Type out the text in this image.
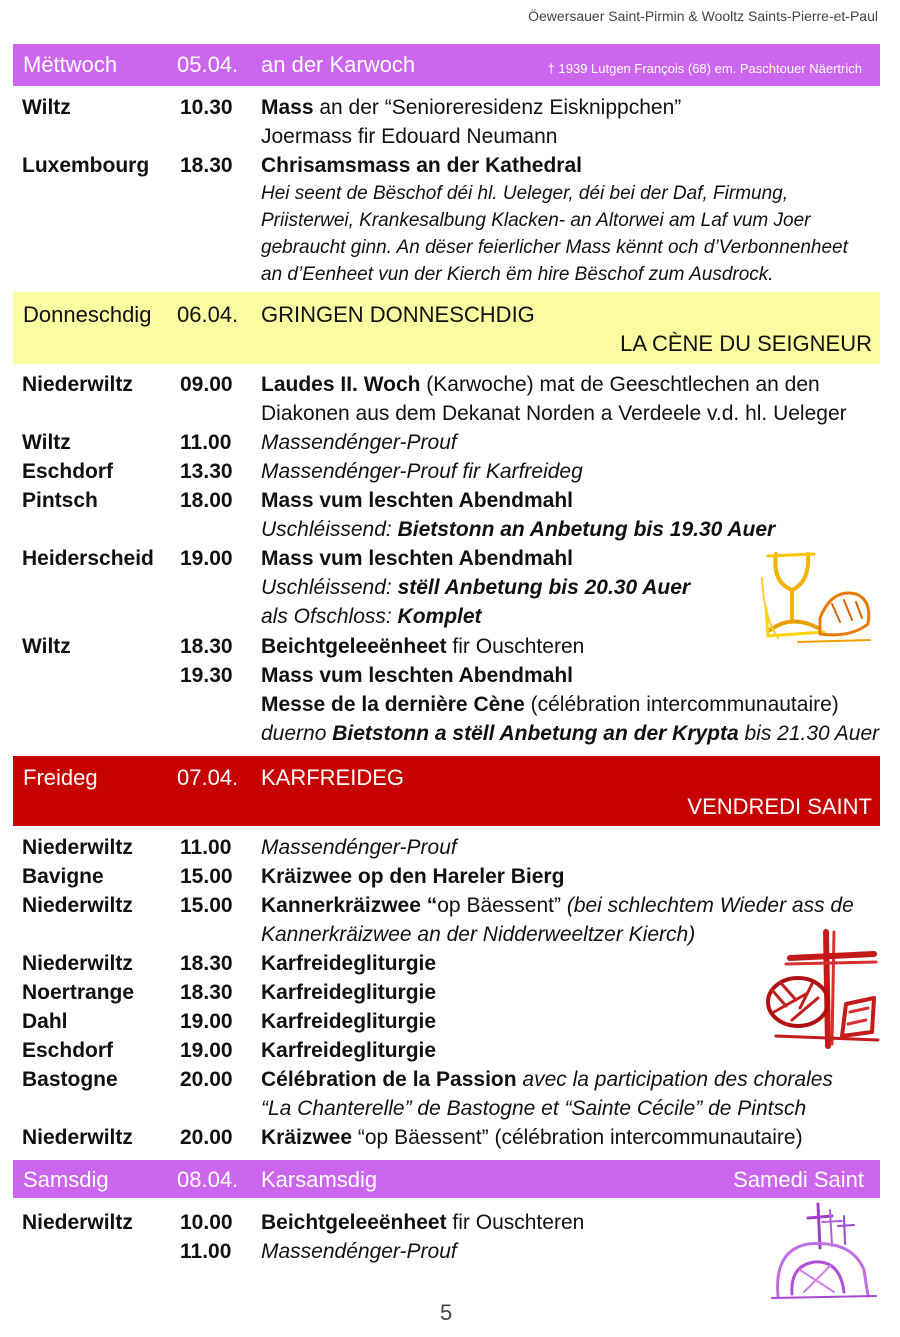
Öewersauer Saint-Pirmin & Wooltz Saints-Pierre-et-Paul
Mëttwoch	05.04. an der Karwoch	† 1939 Lutgen François (68) em. Paschtouer Näertrich
Wiltz	10.30 Mass an der “Senioreresidenz Eisknippchen”
Joermass fir Edouard Neumann
Luxembourg 18.30 Chrisamsmass an der Kathedral
Hei seent de Bëschof déi hl. Ueleger, déi bei der Daf, Firmung,
Priisterwei, Krankesalbung Klacken- an Altorwei am Laf vum Joer
gebraucht ginn. An dëser feierlicher Mass kënnt och d’Verbonnenheet
an d’Eenheet vun der Kierch ëm hire Bëschof zum Ausdrock.
Donneschdig 06.04. GRINGEN DONNESCHDIG
LA CÈNE DU SEIGNEUR
Niederwiltz 09.00 Laudes II. Woch (Karwoche) mat de Geeschtlechen an den
Diakonen aus dem Dekanat Norden a Verdeele v.d. hl. Ueleger
Wiltz	11.00 Massendénger-Prouf
Eschdorf	13.30 Massendénger-Prouf fir Karfreideg
Pintsch	18.00 Mass vum leschten Abendmahl
Uschléissend: Bietstonn an Anbetung bis 19.30 Auer
Heiderscheid 19.00 Mass vum leschten Abendmahl
Uschléissend: stëll Anbetung bis 20.30 Auer
als Ofschloss: Komplet
Wiltz	18.30 Beichtgeleeënheet fir Ouschteren
19.30 Mass vum leschten Abendmahl
Messe de la dernière Cène (célébration intercommunautaire)
duerno Bietstonn a stëll Anbetung an der Krypta bis 21.30 Auer
Freideg	07.04. KARFREIDEG
VENDREDI SAINT
Niederwiltz 11.00 Massendénger-Prouf
Bavigne	15.00 Kräizwee op den Hareler Bierg
Niederwiltz 15.00 Kannerkräizwee “op Bäessent” (bei schlechtem Wieder ass de
Kannerkräizwee an der Nidderweeltzer Kierch)
Niederwiltz 18.30 Karfreidegliturgie
Noertrange 18.30 Karfreidegliturgie
Dahl	19.00 Karfreidegliturgie
Eschdorf	19.00 Karfreidegliturgie
Bastogne	20.00 Célébration de la Passion avec la participation des chorales
“La Chanterelle” de Bastogne et “Sainte Cécile” de Pintsch
Niederwiltz 20.00 Kräizwee “op Bäessent” (célébration intercommunautaire)
Samsdig	08.04. Karsamsdig	Samedi Saint
Niederwiltz 10.00 Beichtgeleeënheet fir Ouschteren
11.00 Massendénger-Prouf
5
